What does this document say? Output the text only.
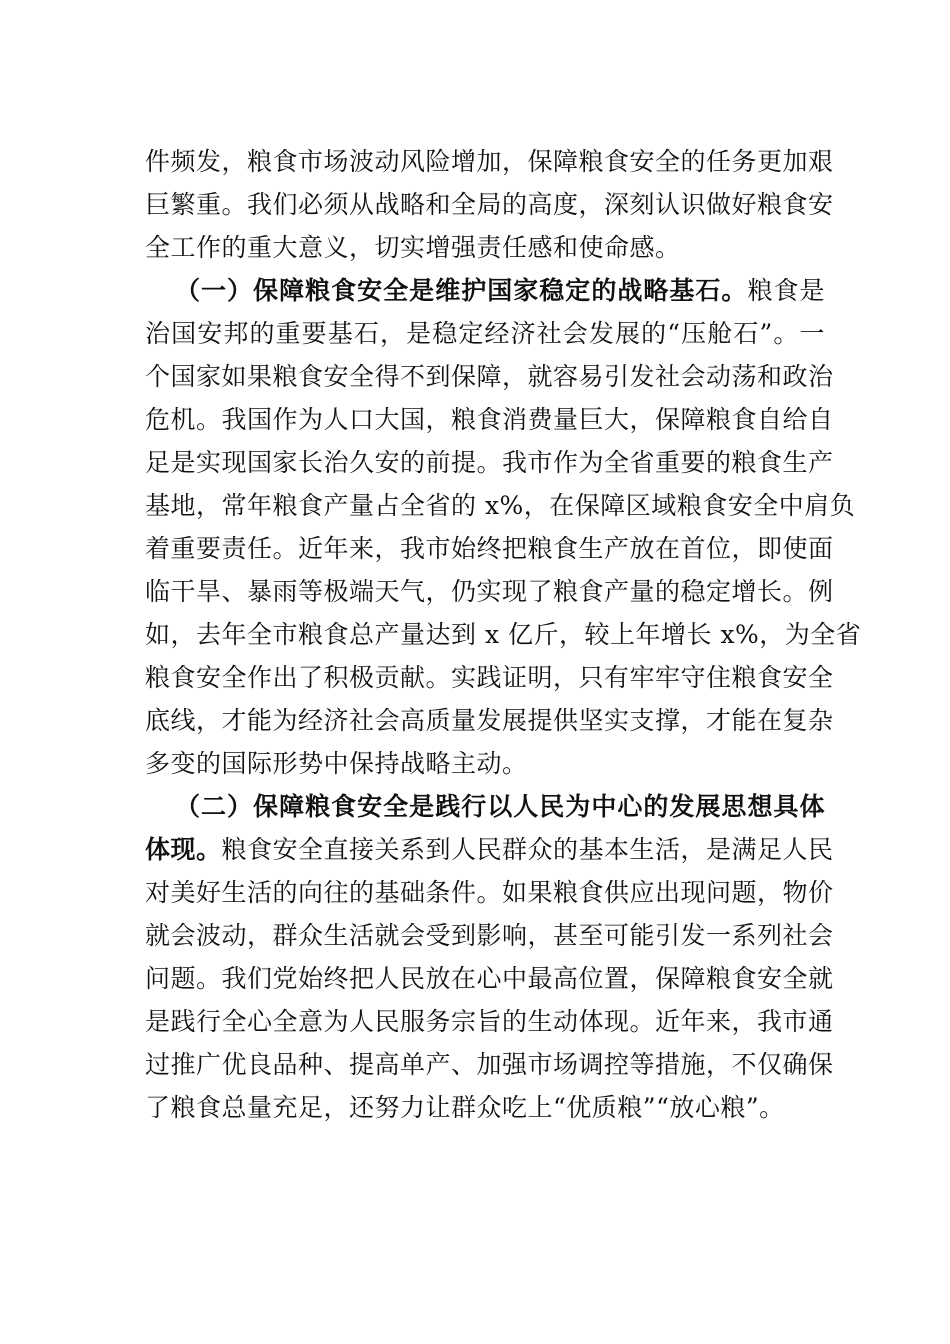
件频发，粮食市场波动风险增加，保障粮食安全的任务更加艰
巨繁重。我们必须从战略和全局的高度，深刻认识做好粮食安
全工作的重大意义，切实增强责任感和使命感。
（一）保障粮食安全是维护国家稳定的战略基石。粮食是
治国安邦的重要基石，是稳定经济社会发展的“压舱石”。一
个国家如果粮食安全得不到保障，就容易引发社会动荡和政治
危机。我国作为人口大国，粮食消费量巨大，保障粮食自给自
足是实现国家长治久安的前提。我市作为全省重要的粮食生产
基地，常年粮食产量占全省的 x%，在保障区域粮食安全中肩负
着重要责任。近年来，我市始终把粮食生产放在首位，即使面
临干旱、暴雨等极端天气，仍实现了粮食产量的稳定增长。例
如，去年全市粮食总产量达到 x 亿斤，较上年增长 x%，为全省
粮食安全作出了积极贡献。实践证明，只有牢牢守住粮食安全
底线，才能为经济社会高质量发展提供坚实支撑，才能在复杂
多变的国际形势中保持战略主动。
（二）保障粮食安全是践行以人民为中心的发展思想具体
体现。粮食安全直接关系到人民群众的基本生活，是满足人民
对美好生活的向往的基础条件。如果粮食供应出现问题，物价
就会波动，群众生活就会受到影响，甚至可能引发一系列社会
问题。我们党始终把人民放在心中最高位置，保障粮食安全就
是践行全心全意为人民服务宗旨的生动体现。近年来，我市通
过推广优良品种、提高单产、加强市场调控等措施，不仅确保
了粮食总量充足，还努力让群众吃上“优质粮”“放心粮”。
